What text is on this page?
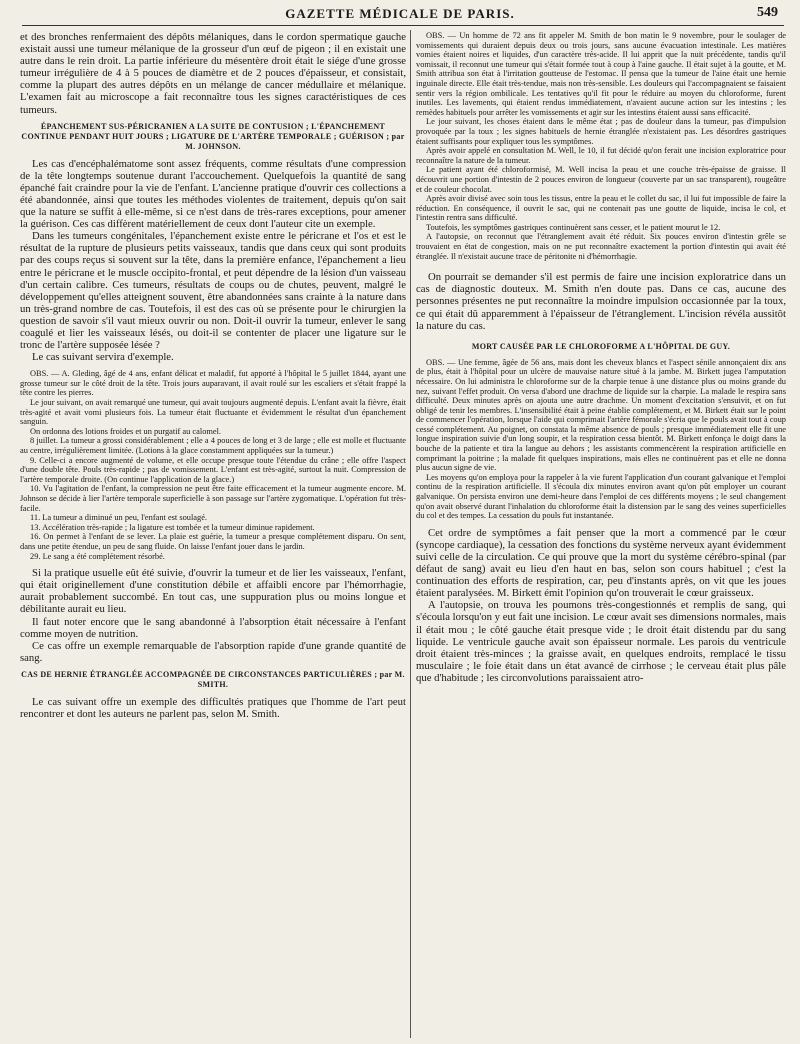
GAZETTE MÉDICALE DE PARIS.	549

et des bronches renfermaient des dépôts mélaniques, dans le cordon spermatique gauche existait aussi une tumeur mélanique de la grosseur d'un œuf de pigeon ; il en existait une autre dans le rein droit. La partie inférieure du mésentère droit était le siége d'une grosse tumeur irrégulière de 4 à 5 pouces de diamètre et de 2 pouces d'épaisseur, et consistait, comme la plupart des autres dépôts en un mélange de cancer médullaire et mélanique. L'examen fait au microscope a fait reconnaître tous les signes caractéristiques de ces tumeurs.

ÉPANCHEMENT SUS-PÉRICRANIEN A LA SUITE DE CONTUSION ; L'ÉPANCHEMENT CONTINUE PENDANT HUIT JOURS ; LIGATURE DE L'ARTÈRE TEMPORALE ; GUÉRISON ; par M. JOHNSON.

Les cas d'encéphalématome sont assez fréquents, comme résultats d'une compression de la tête longtemps soutenue durant l'accouchement. Quelquefois la quantité de sang épanché fait craindre pour la vie de l'enfant. L'ancienne pratique d'ouvrir ces collections a été abandonnée, ainsi que toutes les méthodes violentes de traitement, depuis qu'on sait que la nature se suffit à elle-même, si ce n'est dans de très-rares exceptions, pour amener la guérison. Ces cas diffèrent matériellement de ceux dont l'auteur cite un exemple.

Dans les tumeurs congénitales, l'épanchement existe entre le péricrane et l'os et est le résultat de la rupture de plusieurs petits vaisseaux, tandis que dans ceux qui sont produits par des coups reçus si souvent sur la tête, dans la première enfance, l'épanchement a lieu entre le péricrane et le muscle occipito-frontal, et peut dépendre de la lésion d'un vaisseau d'un certain calibre. Ces tumeurs, résultats de coups ou de chutes, peuvent, malgré le développement qu'elles atteignent souvent, être abandonnées sans crainte à la nature dans un très-grand nombre de cas. Toutefois, il est des cas où se présente pour le chirurgien la question de savoir s'il vaut mieux ouvrir ou non. Doit-il ouvrir la tumeur, enlever le sang coagulé et lier les vaisseaux lésés, ou doit-il se contenter de placer une ligature sur le tronc de l'artère supposée lésée ?

Le cas suivant servira d'exemple.

OBS. — A. Gleding, âgé de 4 ans, enfant délicat et maladif, fut apporté à l'hôpital le 5 juillet 1844, ayant une grosse tumeur sur le côté droit de la tête. Trois jours auparavant, il avait roulé sur les escaliers et s'était frappé la tête contre les pierres.

Le jour suivant, on avait remarqué une tumeur, qui avait toujours augmenté depuis. L'enfant avait la fièvre, était très-agité et avait vomi plusieurs fois. La tumeur était fluctuante et évidemment le résultat d'un épanchement sanguin.

On ordonna des lotions froides et un purgatif au calomel.

8 juillet. La tumeur a grossi considérablement ; elle a 4 pouces de long et 3 de large ; elle est molle et fluctuante au centre, irrégulièrement limitée. (Lotions à la glace constamment appliquées sur la tumeur.)

9. Celle-ci a encore augmenté de volume, et elle occupe presque toute l'étendue du crâne ; elle offre l'aspect d'une double tête. Pouls très-rapide ; pas de vomissement. L'enfant est très-agité, surtout la nuit. Compression de l'artère temporale droite. (On continue l'application de la glace.)

10. Vu l'agitation de l'enfant, la compression ne peut être faite efficacement et la tumeur augmente encore. M. Johnson se décide à lier l'artère temporale superficielle à son passage sur l'artère zygomatique. L'opération fut très-facile.

11. La tumeur a diminué un peu, l'enfant est soulagé.

13. Accélération très-rapide ; la ligature est tombée et la tumeur diminue rapidement.

16. On permet à l'enfant de se lever. La plaie est guérie, la tumeur a presque complétement disparu. On sent, dans une petite étendue, un peu de sang fluide. On laisse l'enfant jouer dans le jardin.

29. Le sang a été complétement résorbé.

Si la pratique usuelle eût été suivie, d'ouvrir la tumeur et de lier les vaisseaux, l'enfant, qui était originellement d'une constitution débile et affaibli encore par l'hémorrhagie, aurait probablement succombé. En tout cas, une suppuration plus ou moins longue et débilitante aurait eu lieu.

Il faut noter encore que le sang abandonné à l'absorption était nécessaire à l'enfant comme moyen de nutrition.

Ce cas offre un exemple remarquable de l'absorption rapide d'une grande quantité de sang.

CAS DE HERNIE ÉTRANGLÉE ACCOMPAGNÉE DE CIRCONSTANCES PARTICULIÈRES ; par M. SMITH.

Le cas suivant offre un exemple des difficultés pratiques que l'homme de l'art peut rencontrer et dont les auteurs ne parlent pas, selon M. Smith.

OBS. — Un homme de 72 ans fit appeler M. Smith de bon matin le 9 novembre, pour le soulager de vomissements qui duraient depuis deux ou trois jours, sans aucune évacuation intestinale. Les matières vomies étaient noires et liquides, d'un caractère très-acide. Il lui apprit que la nuit précédente, tandis qu'il vomissait, il reconnut une tumeur qui s'était formée tout à coup à l'aine gauche. Il était sujet à la goutte, et M. Smith attribua son état à l'irritation goutteuse de l'estomac. Il pensa que la tumeur de l'aine était une hernie inguinale directe. Elle était très-tendue, mais non très-sensible. Les douleurs qui l'accompagnaient se faisaient sentir vers la région ombilicale. Les tentatives qu'il fit pour le réduire au moyen du chloroforme, furent inutiles. Les lavements, qui étaient rendus immédiatement, n'avaient aucune action sur les intestins ; les remèdes habituels pour arrêter les vomissements et agir sur les intestins étaient aussi sans efficacité.

Le jour suivant, les choses étaient dans le même état ; pas de douleur dans la tumeur, pas d'impulsion provoquée par la toux ; les signes habituels de hernie étranglée n'existaient pas. Les désordres gastriques étaient suffisants pour expliquer tous les symptômes.

Après avoir appelé en consultation M. Well, le 10, il fut décidé qu'on ferait une incision exploratrice pour reconnaître la nature de la tumeur.

Le patient ayant été chloroformisé, M. Well incisa la peau et une couche très-épaisse de graisse. Il découvrit une portion d'intestin de 2 pouces environ de longueur (couverte par un sac transparent), rougeâtre et de couleur chocolat.

Après avoir divisé avec soin tous les tissus, entre la peau et le collet du sac, il lui fut impossible de faire la réduction. En conséquence, il ouvrit le sac, qui ne contenait pas une goutte de liquide, incisa le col, et l'intestin rentra sans difficulté.

Toutefois, les symptômes gastriques continuèrent sans cesser, et le patient mourut le 12.

A l'autopsie, on reconnut que l'étranglement avait été réduit. Six pouces environ d'intestin grêle se trouvaient en état de congestion, mais on ne put reconnaître exactement la portion d'intestin qui avait été étranglée. Il n'existait aucune trace de péritonite ni d'hémorrhagie.

On pourrait se demander s'il est permis de faire une incision exploratrice dans un cas de diagnostic douteux. M. Smith n'en doute pas. Dans ce cas, aucune des personnes présentes ne put reconnaître la moindre impulsion occasionnée par la toux, ce qui était dû apparemment à l'épaisseur de l'étranglement. L'incision révéla aussitôt la nature du cas.

MORT CAUSÉE PAR LE CHLOROFORME A L'HÔPITAL DE GUY.

OBS. — Une femme, âgée de 56 ans, mais dont les cheveux blancs et l'aspect sénile annonçaient dix ans de plus, était à l'hôpital pour un ulcère de mauvaise nature situé à la jambe. M. Birkett jugea l'amputation nécessaire. On lui administra le chloroforme sur de la charpie tenue à une distance plus ou moins grande du nez, suivant l'effet produit. On versa d'abord une drachme de liquide sur la charpie. La malade le respira sans difficulté. Deux minutes après on ajouta une autre drachme. Un moment d'excitation s'ensuivit, et on fut obligé de tenir les membres. L'insensibilité était à peine établie complétement, et M. Birkett était sur le point de commencer l'opération, lorsque l'aide qui comprimait l'artère fémorale s'écria que le pouls avait tout à coup cessé complétement. Au poignet, on constata la même absence de pouls ; presque immédiatement elle fit une longue inspiration suivie d'un long soupir, et la respiration cessa bientôt. M. Birkett enfonça le doigt dans la bouche de la patiente et tira la langue au dehors ; les assistants commencèrent la respiration artificielle en comprimant la poitrine ; la malade fit quelques inspirations, mais elles ne continuèrent pas et elle ne donna plus aucun signe de vie.

Les moyens qu'on employa pour la rappeler à la vie furent l'application d'un courant galvanique et l'emploi continu de la respiration artificielle. Il s'écoula dix minutes environ avant qu'on pût employer un courant galvanique. On persista environ une demi-heure dans l'emploi de ces différents moyens ; le seul changement qu'on avait observé durant l'inhalation du chloroforme était la distension par le sang des veines superficielles du col et des tempes. La cessation du pouls fut instantanée.

Cet ordre de symptômes a fait penser que la mort a commencé par le cœur (syncope cardiaque), la cessation des fonctions du système nerveux ayant évidemment suivi celle de la circulation. Ce qui prouve que la mort du système cérébro-spinal (par défaut de sang) avait eu lieu d'en haut en bas, selon son cours habituel ; c'est la continuation des efforts de respiration, car, peu d'instants après, on vit que les joues étaient paralysées. M. Birkett émit l'opinion qu'on trouverait le cœur graisseux.

A l'autopsie, on trouva les poumons très-congestionnés et remplis de sang, qui s'écoula lorsqu'on y eut fait une incision. Le cœur avait ses dimensions normales, mais il était mou ; le côté gauche était presque vide ; le droit était distendu par du sang liquide. Le ventricule gauche avait son épaisseur normale. Les parois du ventricule droit étaient très-minces ; la graisse avait, en quelques endroits, remplacé le tissu musculaire ; le foie était dans un état avancé de cirrhose ; le cerveau était plus pâle que d'habitude ; les circonvolutions paraissaient atro-
